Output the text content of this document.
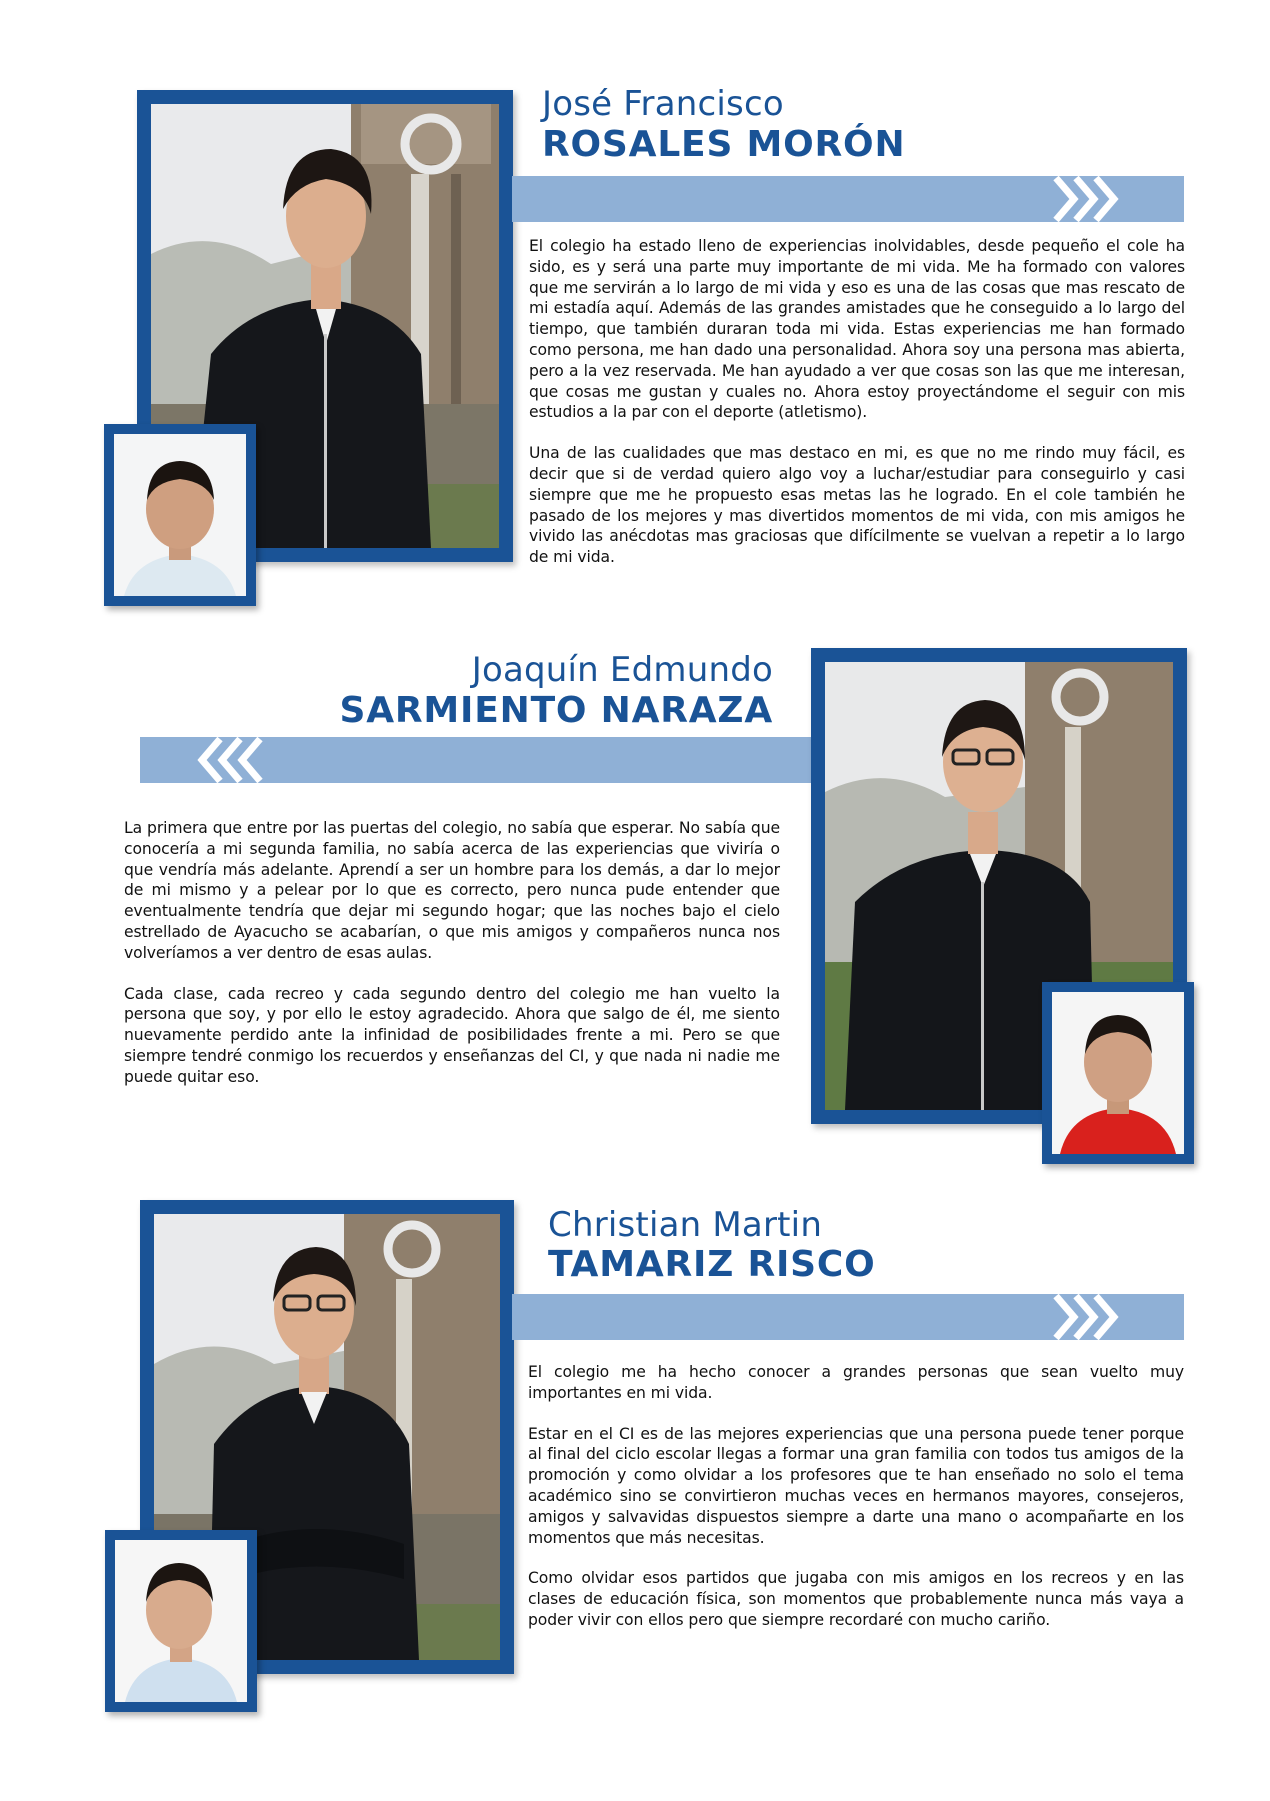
José Francisco
ROSALES MORÓN

El colegio ha estado lleno de experiencias inolvidables, desde pequeño el cole ha sido, es y será una parte muy importante de mi vida. Me ha formado con valores que me servirán a lo largo de mi vida y eso es una de las cosas que mas rescato de mi estadía aquí. Además de las grandes amistades que he conseguido a lo largo del tiempo, que también duraran toda mi vida. Estas experiencias me han formado como persona, me han dado una personalidad. Ahora soy una persona mas abierta, pero a la vez reservada. Me han ayudado a ver que cosas son las que me interesan, que cosas me gustan y cuales no. Ahora estoy proyectándome el seguir con mis estudios a la par con el deporte (atletismo).

Una de las cualidades que mas destaco en mi, es que no me rindo muy fácil, es decir que si de verdad quiero algo voy a luchar/estudiar para conseguirlo y casi siempre que me he propuesto esas metas las he logrado. En el cole también he pasado de los mejores y mas divertidos momentos de mi vida, con mis amigos he vivido las anécdotas mas graciosas que difícilmente se vuelvan a repetir a lo largo de mi vida.

Joaquín Edmundo
SARMIENTO NARAZA

La primera que entre por las puertas del colegio, no sabía que esperar. No sabía que conocería a mi segunda familia, no sabía acerca de las experiencias que viviría o que vendría más adelante. Aprendí a ser un hombre para los demás, a dar lo mejor de mi mismo y a pelear por lo que es correcto, pero nunca pude entender que eventualmente tendría que dejar mi segundo hogar; que las noches bajo el cielo estrellado de Ayacucho se acabarían, o que mis amigos y compañeros nunca nos volveríamos a ver dentro de esas aulas.

Cada clase, cada recreo y cada segundo dentro del colegio me han vuelto la persona que soy, y por ello le estoy agradecido. Ahora que salgo de él, me siento nuevamente perdido ante la infinidad de posibilidades frente a mi. Pero se que siempre tendré conmigo los recuerdos y enseñanzas del CI, y que nada ni nadie me puede quitar eso.

Christian Martin
TAMARIZ RISCO

El colegio me ha hecho conocer a grandes personas que sean vuelto muy importantes en mi vida.

Estar en el CI es de las mejores experiencias que una persona puede tener porque al final del ciclo escolar llegas a formar una gran familia con todos tus amigos de la promoción y como olvidar a los profesores que te han enseñado no solo el tema académico sino se convirtieron muchas veces en hermanos mayores, consejeros, amigos y salvavidas dispuestos siempre a darte una mano o acompañarte en los momentos que más necesitas.

Como olvidar esos partidos que jugaba con mis amigos en los recreos y en las clases de educación física, son momentos que probablemente nunca más vaya a poder vivir con ellos pero que siempre recordaré con mucho cariño.
